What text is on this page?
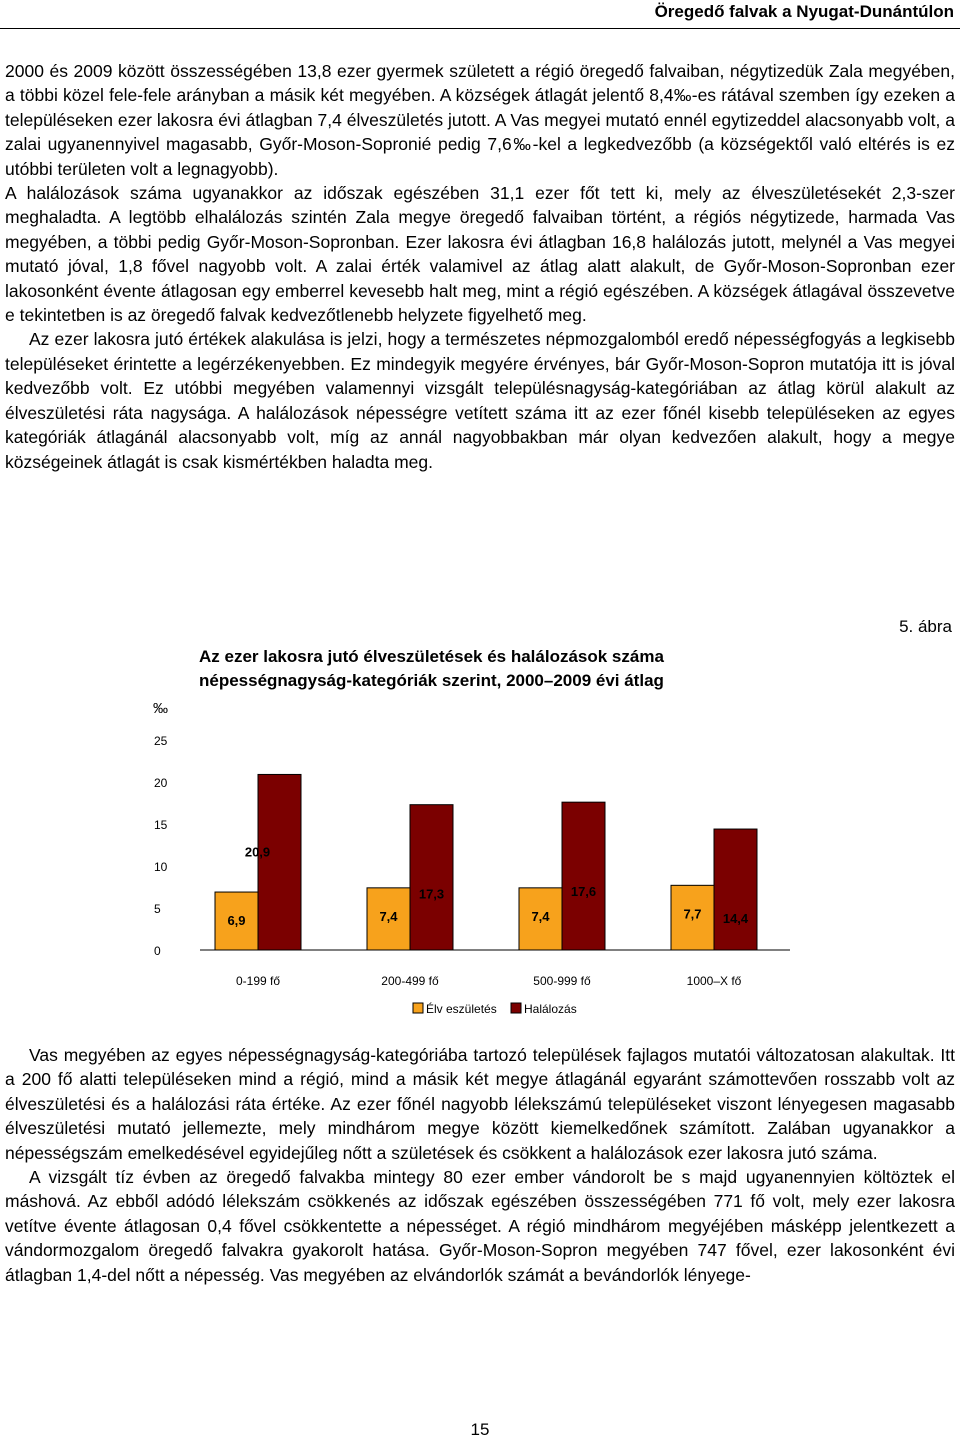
Öregedő falvak a Nyugat-Dunántúlon

2000 és 2009 között összességében 13,8 ezer gyermek született a régió öregedő falvaiban, négytizedük Zala megyében, a többi közel fele-fele arányban a másik két megyében. A községek átlagát jelentő 8,4‰-es rátával szemben így ezeken a településeken ezer lakosra évi átlagban 7,4 élveszületés jutott. A Vas megyei mutató ennél egytizeddel alacsonyabb volt, a zalai ugyanennyivel magasabb, Győr-Moson-Sopronié pedig 7,6‰-kel a legkedvezőbb (a községektől való eltérés is ez utóbbi területen volt a legnagyobb).

A halálozások száma ugyanakkor az időszak egészében 31,1 ezer főt tett ki, mely az élveszületésekét 2,3-szer meghaladta. A legtöbb elhalálozás szintén Zala megye öregedő falvaiban történt, a régiós négytizede, harmada Vas megyében, a többi pedig Győr-Moson-Sopronban. Ezer lakosra évi átlagban 16,8 halálozás jutott, melynél a Vas megyei mutató jóval, 1,8 fővel nagyobb volt. A zalai érték valamivel az átlag alatt alakult, de Győr-Moson-Sopronban ezer lakosonként évente átlagosan egy emberrel kevesebb halt meg, mint a régió egészében. A községek átlagával összevetve e tekintetben is az öregedő falvak kedvezőtlenebb helyzete figyelhető meg.

Az ezer lakosra jutó értékek alakulása is jelzi, hogy a természetes népmozgalomból eredő népességfogyás a legkisebb településeket érintette a legérzékenyebben. Ez mindegyik megyére érvényes, bár Győr-Moson-Sopron mutatója itt is jóval kedvezőbb volt. Ez utóbbi megyében valamennyi vizsgált településnagyság-kategóriában az átlag körül alakult az élveszületési ráta nagysága. A halálozások népességre vetített száma itt az ezer főnél kisebb településeken az egyes kategóriák átlagánál alacsonyabb volt, míg az annál nagyobbakban már olyan kedvezően alakult, hogy a megye községeinek átlagát is csak kismértékben haladta meg.

5. ábra
Az ezer lakosra jutó élveszületések és halálozások száma
népességnagyság-kategóriák szerint, 2000–2009 évi átlag
‰
0
5
10
15
20
25
6,9
20,9
0-199 fő
7,4
17,3
200-499 fő
7,4
17,6
500-999 fő
7,7 14,4
1000–X fő
Élv eszületés Halálozás

Vas megyében az egyes népességnagyság-kategóriába tartozó települések fajlagos mutatói változatosan alakultak. Itt a 200 fő alatti településeken mind a régió, mind a másik két megye átlagánál egyaránt számottevően rosszabb volt az élveszületési és a halálozási ráta értéke. Az ezer főnél nagyobb lélekszámú településeket viszont lényegesen magasabb élveszületési mutató jellemezte, mely mindhárom megye között kiemelkedőnek számított. Zalában ugyanakkor a népességszám emelkedésével egyidejűleg nőtt a születések és csökkent a halálozások ezer lakosra jutó száma.

A vizsgált tíz évben az öregedő falvakba mintegy 80 ezer ember vándorolt be s majd ugyanennyien költöztek el máshová. Az ebből adódó lélekszám csökkenés az időszak egészében összességében 771 fő volt, mely ezer lakosra vetítve évente átlagosan 0,4 fővel csökkentette a népességet. A régió mindhárom megyéjében másképp jelentkezett a vándormozgalom öregedő falvakra gyakorolt hatása. Győr-Moson-Sopron megyében 747 fővel, ezer lakosonként évi átlagban 1,4-del nőtt a népesség. Vas megyében az elvándorlók számát a bevándorlók lényege-

15
